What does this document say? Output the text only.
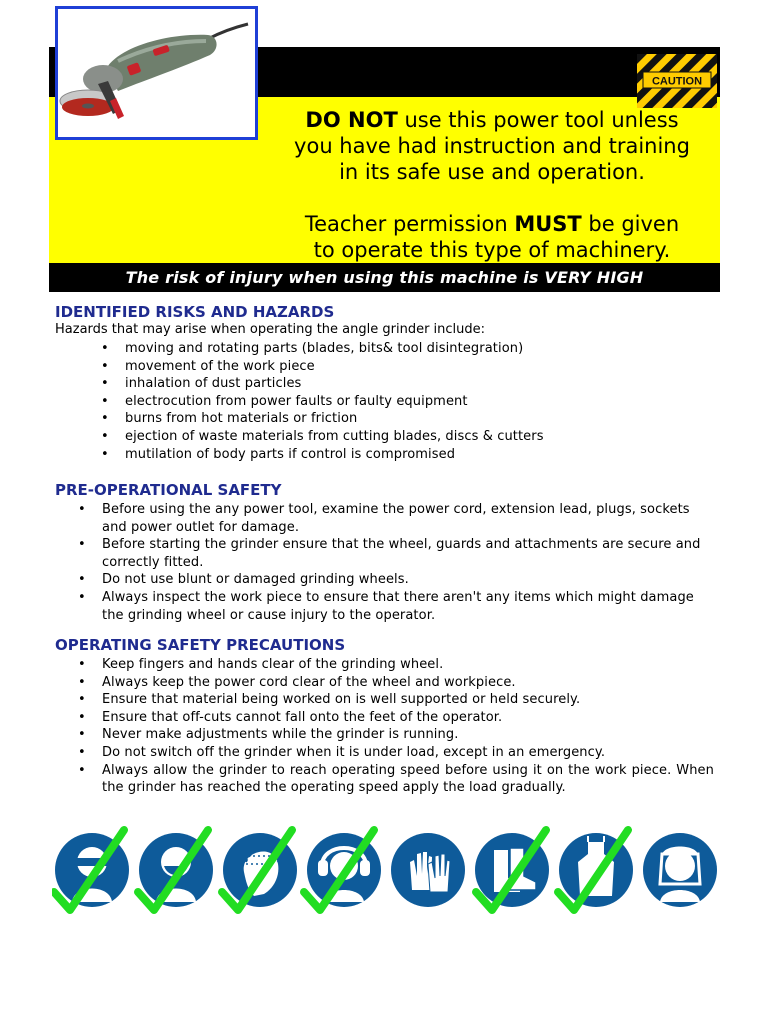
CAUTION

DO NOT use this power tool unless

you have had instruction and training

in its safe use and operation.

Teacher permission MUST be given

to operate this type of machinery.

The risk of injury when using this machine is VERY HIGH
IDENTIFIED RISKS AND HAZARDS
Hazards that may arise when operating the angle grinder include:
• moving and rotating parts (blades, bits& tool disintegration)
• movement of the work piece
• inhalation of dust particles
• electrocution from power faults or faulty equipment
• burns from hot materials or friction
• ejection of waste materials from cutting blades, discs & cutters
• mutilation of body parts if control is compromised
PRE-OPERATIONAL SAFETY
• Before using the any power tool, examine the power cord, extension lead, plugs, sockets and power outlet for damage.
• Before starting the grinder ensure that the wheel, guards and attachments are secure and correctly fitted.
• Do not use blunt or damaged grinding wheels.
• Always inspect the work piece to ensure that there aren't any items which might damage the grinding wheel or cause injury to the operator.
OPERATING SAFETY PRECAUTIONS
• Keep fingers and hands clear of the grinding wheel.
• Always keep the power cord clear of the wheel and workpiece.
• Ensure that material being worked on is well supported or held securely.
• Ensure that off-cuts cannot fall onto the feet of the operator.
• Never make adjustments while the grinder is running.
• Do not switch off the grinder when it is under load, except in an emergency.
• Always allow the grinder to reach operating speed before using it on the work piece. When the grinder has reached the operating speed apply the load gradually.
